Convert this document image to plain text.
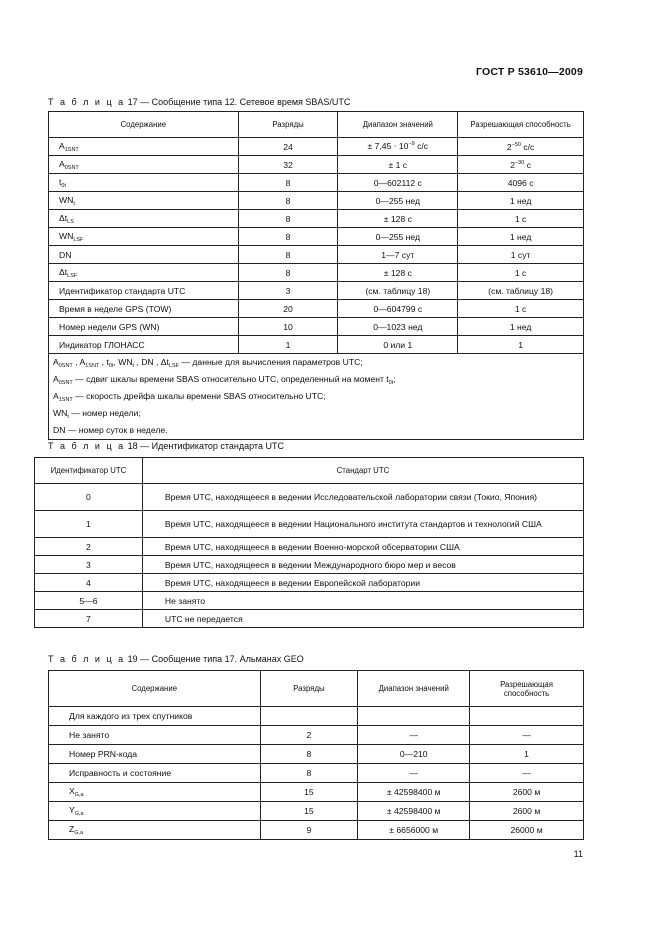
ГОСТ Р 53610—2009
Т а б л и ц а 17 — Сообщение типа 12. Сетевое время SBAS/UTC
Содержание	Разряды	Диапазон значений	Разрешающая способность
$A_{1SNT}$	24	± $7,45 \cdot 10^{-9}$ с/с	$2^{-50}$ с/с
$A_{0SNT}$	32	± 1 с	$2^{-30}$ с
$t_{0t}$	8	0—602112 с	4096 с
$WN_t$	8	0—255 нед	1 нед
$\Delta t_{LS}$	8	± 128 с	1 с
$WN_{LSF}$	8	0—255 нед	1 нед
DN	8	1—7 сут	1 сут
$\Delta t_{LSF}$	8	± 128 с	1 с
Идентификатор стандарта UTC	3	(см. таблицу 18)	(см. таблицу 18)
Время в неделе GPS (TOW)	20	0—604799 с	1 с
Номер недели GPS (WN)	10	0—1023 нед	1 нед
Индикатор ГЛОНАСС	1	0 или 1	1

$A_{0SNT}$ , $A_{1SNT}$ , $t_{0t}$, $WN_t$ , DN , $\Delta t_{LSF}$ — данные для вычисления параметров UTC;
$A_{0SNT}$ — сдвиг шкалы времени SBAS относительно UTC, определенный на момент $t_{0t}$;
$A_{1SNT}$ — скорость дрейфа шкалы времени SBAS относительно UTC;
$WN_t$ — номер недели;
DN — номер суток в неделе.			
Т а б л и ц а 18 — Идентификатор стандарта UTC
Идентификатор UTC	Стандарт UTC
0	Время UTC, находящееся в ведении Исследовательской лаборатории связи (Токио, Япония)
1	Время UTC, находящееся в ведении Национального института стандартов и технологий США
2	Время UTC, находящееся в ведении Военно-морской обсерватории США
3	Время UTC, находящееся в ведении Международного бюро мер и весов
4	Время UTC, находящееся в ведении Европейской лаборатории
5—6	Не занято
7	UTC не передается
Т а б л и ц а 19 — Сообщение типа 17. Альманах GEO
Содержание	Разряды	Диапазон значений	Разрешающая способность
Для каждого из трех спутников			
Не занято	2	—	—
Номер PRN-кода	8	0—210	1
Исправность и состояние	8	—	—
$X_{G,a}$	15	± 42598400 м	2600 м
$Y_{G,a}$	15	± 42598400 м	2600 м
$Z_{G,a}$	9	± 6656000 м	26000 м
11
